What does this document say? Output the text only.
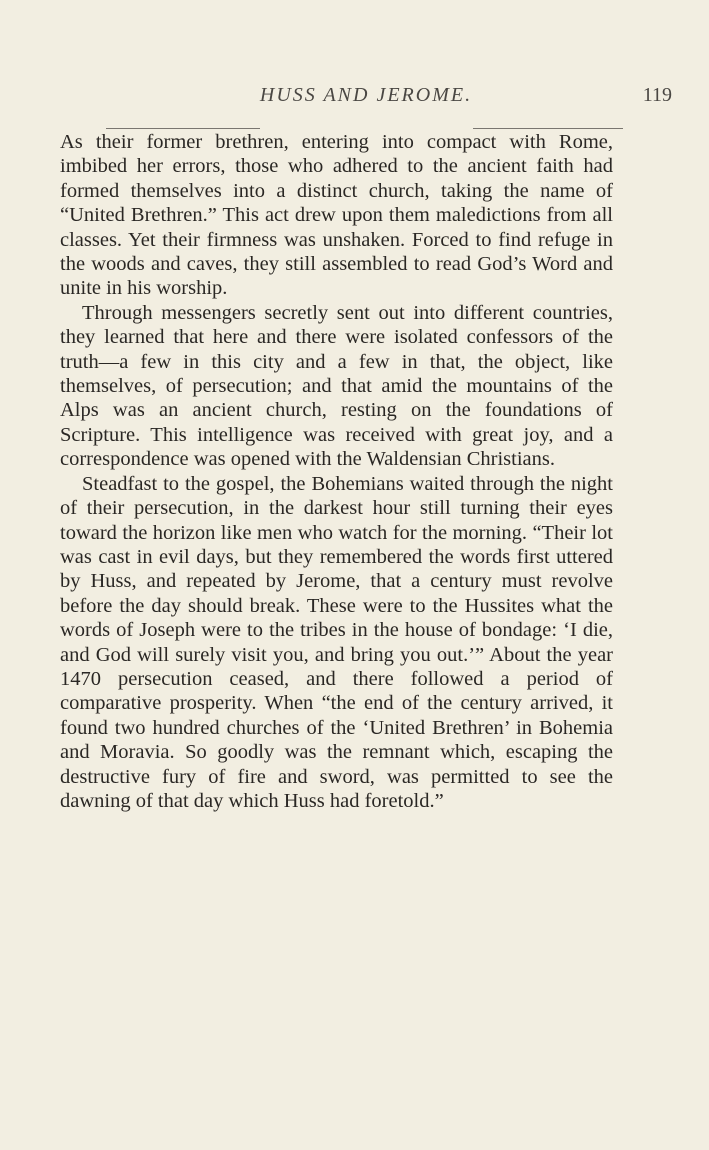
HUSS AND JEROME.	119

As their former brethren, entering into compact with Rome, imbibed her errors, those who adhered to the ancient faith had formed themselves into a distinct church, taking the name of “United Brethren.” This act drew upon them maledictions from all classes. Yet their firmness was unshaken. Forced to find refuge in the woods and caves, they still assembled to read God’s Word and unite in his worship.

Through messengers secretly sent out into different countries, they learned that here and there were isolated confessors of the truth—a few in this city and a few in that, the object, like themselves, of persecution; and that amid the mountains of the Alps was an ancient church, resting on the foundations of Scripture. This intelligence was received with great joy, and a correspondence was opened with the Waldensian Christians.

Steadfast to the gospel, the Bohemians waited through the night of their persecution, in the darkest hour still turning their eyes toward the horizon like men who watch for the morning. “Their lot was cast in evil days, but they remembered the words first uttered by Huss, and repeated by Jerome, that a century must revolve before the day should break. These were to the Hussites what the words of Joseph were to the tribes in the house of bondage: ‘I die, and God will surely visit you, and bring you out.’” About the year 1470 persecution ceased, and there followed a period of comparative prosperity. When “the end of the century arrived, it found two hundred churches of the ‘United Brethren’ in Bohemia and Moravia. So goodly was the remnant which, escaping the destructive fury of fire and sword, was permitted to see the dawning of that day which Huss had foretold.”
